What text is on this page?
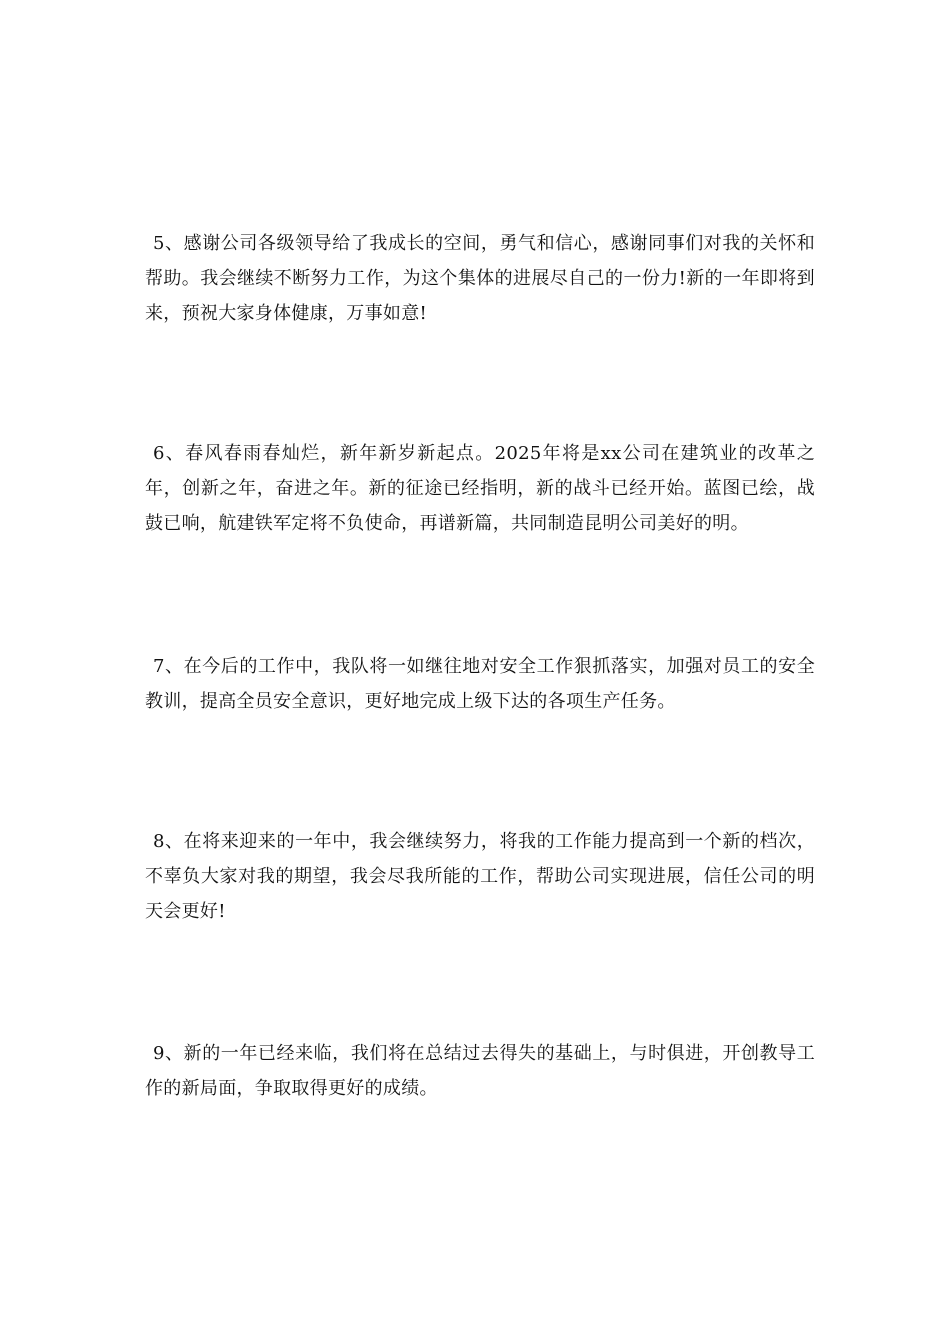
5、感谢公司各级领导给了我成长的空间，勇气和信心，感谢同事们对我的关怀和帮助。我会继续不断努力工作，为这个集体的进展尽自己的一份力!新的一年即将到来，预祝大家身体健康，万事如意!

6、春风春雨春灿烂，新年新岁新起点。2025年将是xx公司在建筑业的改革之年，创新之年，奋进之年。新的征途已经指明，新的战斗已经开始。蓝图已绘，战鼓已响，航建铁军定将不负使命，再谱新篇，共同制造昆明公司美好的明。

7、在今后的工作中，我队将一如继往地对安全工作狠抓落实，加强对员工的安全教训，提高全员安全意识，更好地完成上级下达的各项生产任务。

8、在将来迎来的一年中，我会继续努力，将我的工作能力提高到一个新的档次，不辜负大家对我的期望，我会尽我所能的工作，帮助公司实现进展，信任公司的明天会更好!

9、新的一年已经来临，我们将在总结过去得失的基础上，与时俱进，开创教导工作的新局面，争取取得更好的成绩。
